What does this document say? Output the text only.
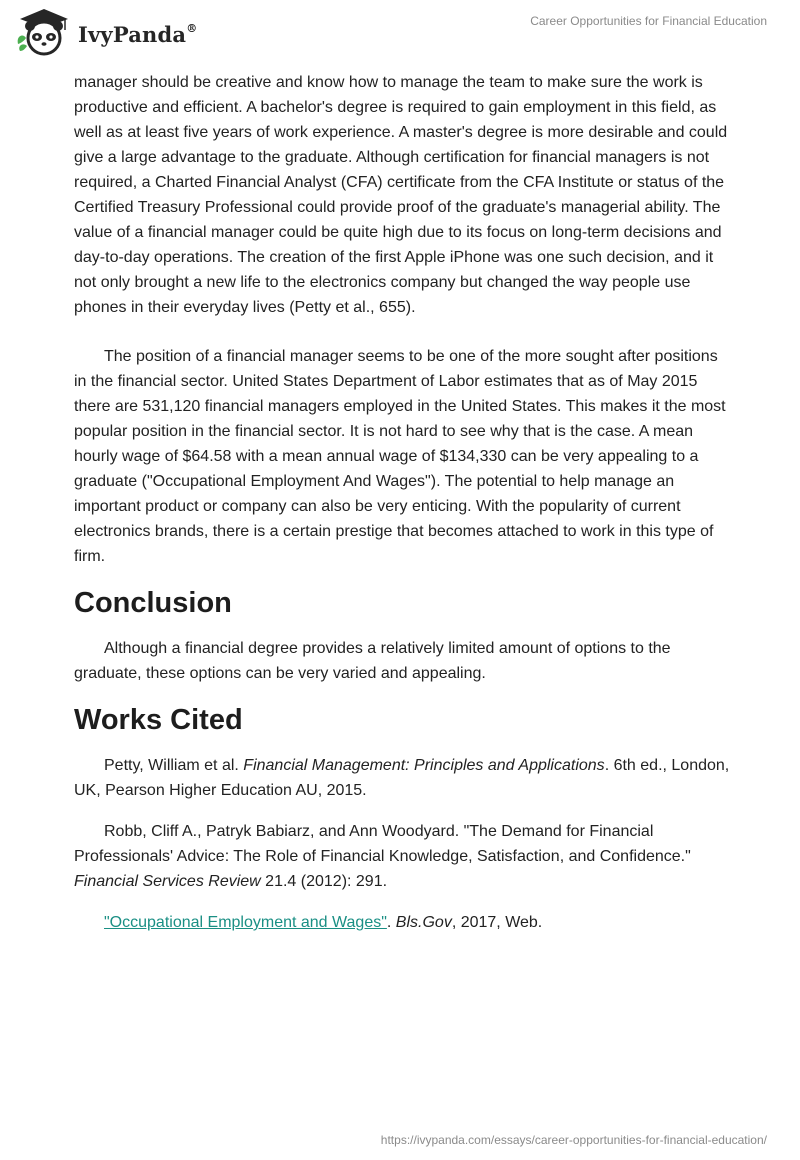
IvyPanda®	Career Opportunities for Financial Education

manager should be creative and know how to manage the team to make sure the work is productive and efficient. A bachelor's degree is required to gain employment in this field, as well as at least five years of work experience. A master's degree is more desirable and could give a large advantage to the graduate. Although certification for financial managers is not required, a Charted Financial Analyst (CFA) certificate from the CFA Institute or status of the Certified Treasury Professional could provide proof of the graduate's managerial ability. The value of a financial manager could be quite high due to its focus on long-term decisions and day-to-day operations. The creation of the first Apple iPhone was one such decision, and it not only brought a new life to the electronics company but changed the way people use phones in their everyday lives (Petty et al., 655).

The position of a financial manager seems to be one of the more sought after positions in the financial sector. United States Department of Labor estimates that as of May 2015 there are 531,120 financial managers employed in the United States. This makes it the most popular position in the financial sector. It is not hard to see why that is the case. A mean hourly wage of $64.58 with a mean annual wage of $134,330 can be very appealing to a graduate ("Occupational Employment And Wages"). The potential to help manage an important product or company can also be very enticing. With the popularity of current electronics brands, there is a certain prestige that becomes attached to work in this type of firm.

Conclusion

Although a financial degree provides a relatively limited amount of options to the graduate, these options can be very varied and appealing.

Works Cited

Petty, William et al. Financial Management: Principles and Applications. 6th ed., London, UK, Pearson Higher Education AU, 2015.

Robb, Cliff A., Patryk Babiarz, and Ann Woodyard. "The Demand for Financial Professionals' Advice: The Role of Financial Knowledge, Satisfaction, and Confidence." Financial Services Review 21.4 (2012): 291.

"Occupational Employment and Wages". Bls.Gov, 2017, Web.

https://ivypanda.com/essays/career-opportunities-for-financial-education/
